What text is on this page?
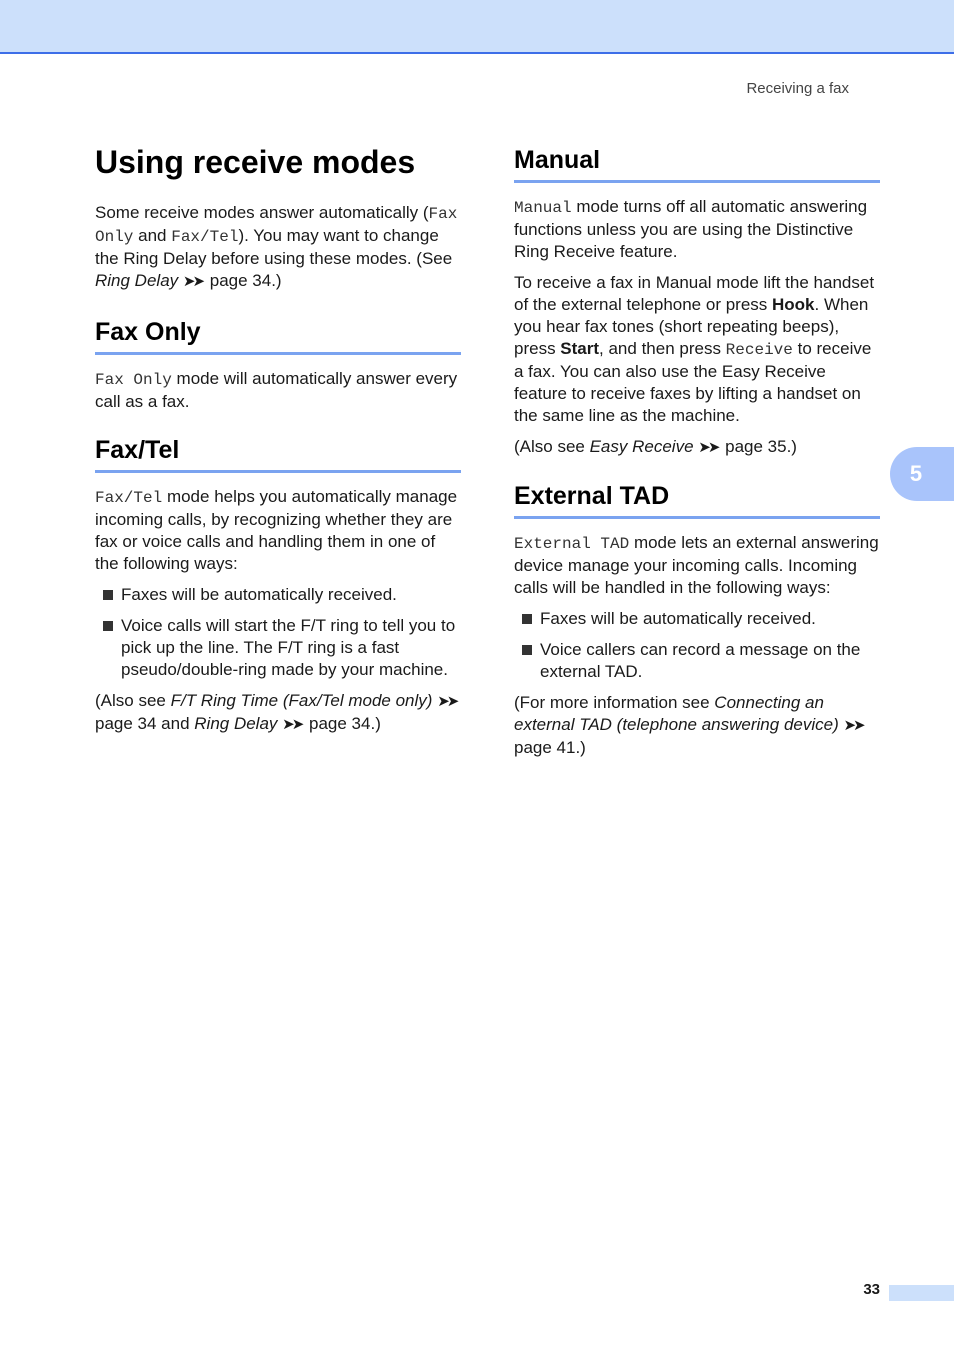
Receiving a fax
5
Using receive modes

Some receive modes answer automatically (Fax Only and Fax/Tel). You may want to change the Ring Delay before using these modes. (See Ring Delay ➤➤ page 34.)

Fax Only

Fax Only mode will automatically answer every call as a fax.

Fax/Tel

Fax/Tel mode helps you automatically manage incoming calls, by recognizing whether they are fax or voice calls and handling them in one of the following ways:

Faxes will be automatically received.
Voice calls will start the F/T ring to tell you to pick up the line. The F/T ring is a fast pseudo/double-ring made by your machine.

(Also see F/T Ring Time (Fax/Tel mode only) ➤➤ page 34 and Ring Delay ➤➤ page 34.)

Manual

Manual mode turns off all automatic answering functions unless you are using the Distinctive Ring Receive feature.

To receive a fax in Manual mode lift the handset of the external telephone or press Hook. When you hear fax tones (short repeating beeps), press Start, and then press Receive to receive a fax. You can also use the Easy Receive feature to receive faxes by lifting a handset on the same line as the machine.

(Also see Easy Receive ➤➤ page 35.)

External TAD

External TAD mode lets an external answering device manage your incoming calls. Incoming calls will be handled in the following ways:

Faxes will be automatically received.
Voice callers can record a message on the external TAD.

(For more information see Connecting an external TAD (telephone answering device) ➤➤ page 41.)

33
